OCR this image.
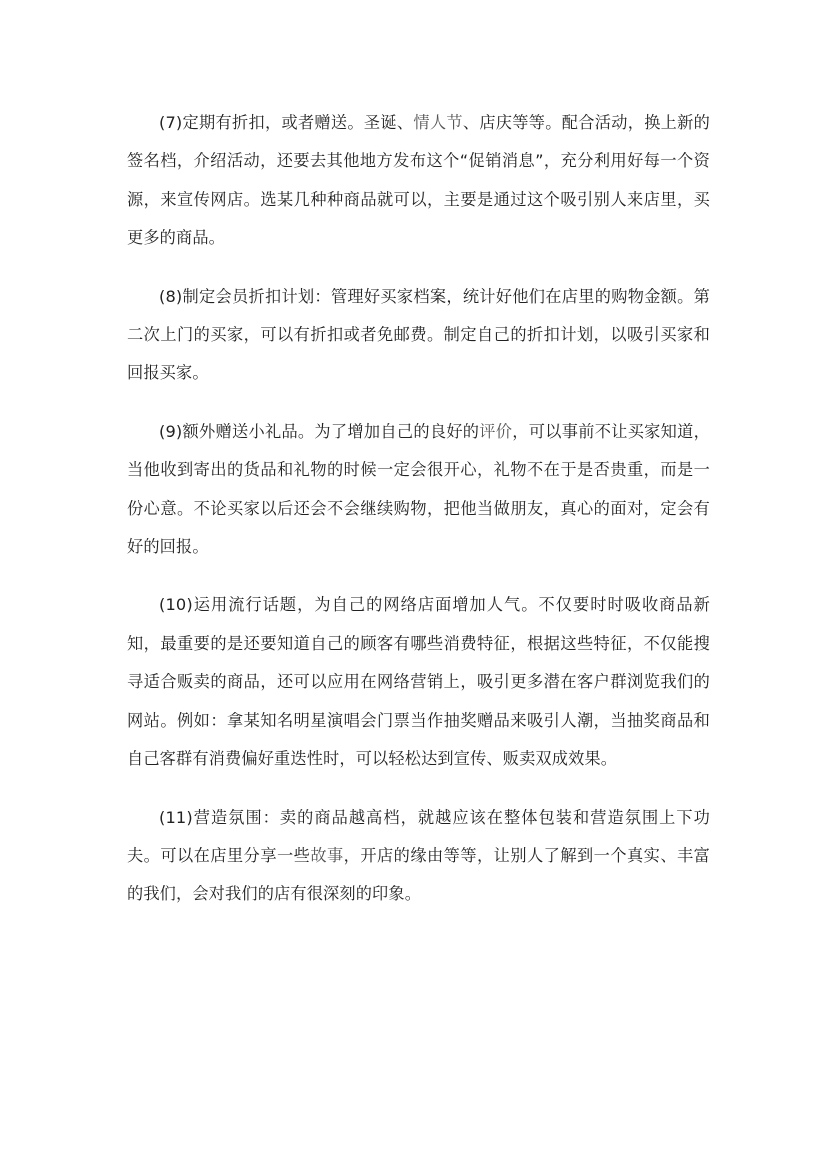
(7)定期有折扣，或者赠送。圣诞、情人节、店庆等等。配合活动，换上新的签名档，介绍活动，还要去其他地方发布这个“促销消息”，充分利用好每一个资源，来宣传网店。选某几种种商品就可以，主要是通过这个吸引别人来店里，买更多的商品。

(8)制定会员折扣计划：管理好买家档案，统计好他们在店里的购物金额。第二次上门的买家，可以有折扣或者免邮费。制定自己的折扣计划，以吸引买家和回报买家。

(9)额外赠送小礼品。为了增加自己的良好的评价，可以事前不让买家知道，当他收到寄出的货品和礼物的时候一定会很开心，礼物不在于是否贵重，而是一份心意。不论买家以后还会不会继续购物，把他当做朋友，真心的面对，定会有好的回报。

(10)运用流行话题，为自己的网络店面增加人气。不仅要时时吸收商品新知，最重要的是还要知道自己的顾客有哪些消费特征，根据这些特征，不仅能搜寻适合贩卖的商品，还可以应用在网络营销上，吸引更多潜在客户群浏览我们的网站。例如：拿某知名明星演唱会门票当作抽奖赠品来吸引人潮，当抽奖商品和自己客群有消费偏好重迭性时，可以轻松达到宣传、贩卖双成效果。

(11)营造氛围：卖的商品越高档，就越应该在整体包装和营造氛围上下功夫。可以在店里分享一些故事，开店的缘由等等，让别人了解到一个真实、丰富的我们，会对我们的店有很深刻的印象。
